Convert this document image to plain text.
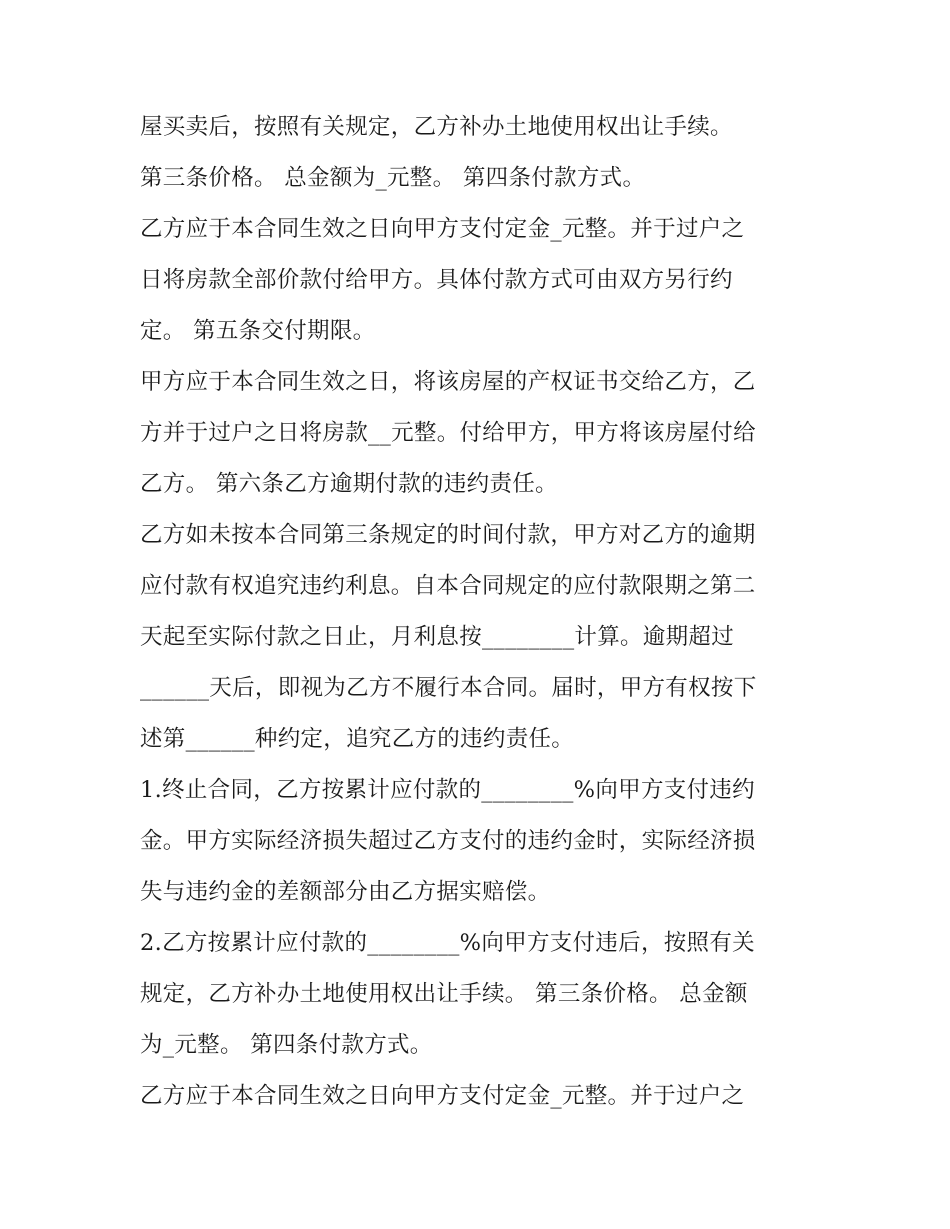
屋买卖后，按照有关规定，乙方补办土地使用权出让手续。
第三条价格。 总金额为_元整。 第四条付款方式。
乙方应于本合同生效之日向甲方支付定金_元整。并于过户之
日将房款全部价款付给甲方。具体付款方式可由双方另行约
定。 第五条交付期限。
甲方应于本合同生效之日，将该房屋的产权证书交给乙方，乙
方并于过户之日将房款__元整。付给甲方，甲方将该房屋付给
乙方。 第六条乙方逾期付款的违约责任。
乙方如未按本合同第三条规定的时间付款，甲方对乙方的逾期
应付款有权追究违约利息。自本合同规定的应付款限期之第二
天起至实际付款之日止，月利息按________计算。逾期超过
______天后，即视为乙方不履行本合同。届时，甲方有权按下
述第______种约定，追究乙方的违约责任。
1.终止合同，乙方按累计应付款的________%向甲方支付违约
金。甲方实际经济损失超过乙方支付的违约金时，实际经济损
失与违约金的差额部分由乙方据实赔偿。
2.乙方按累计应付款的________%向甲方支付违后，按照有关
规定，乙方补办土地使用权出让手续。 第三条价格。 总金额
为_元整。 第四条付款方式。
乙方应于本合同生效之日向甲方支付定金_元整。并于过户之
